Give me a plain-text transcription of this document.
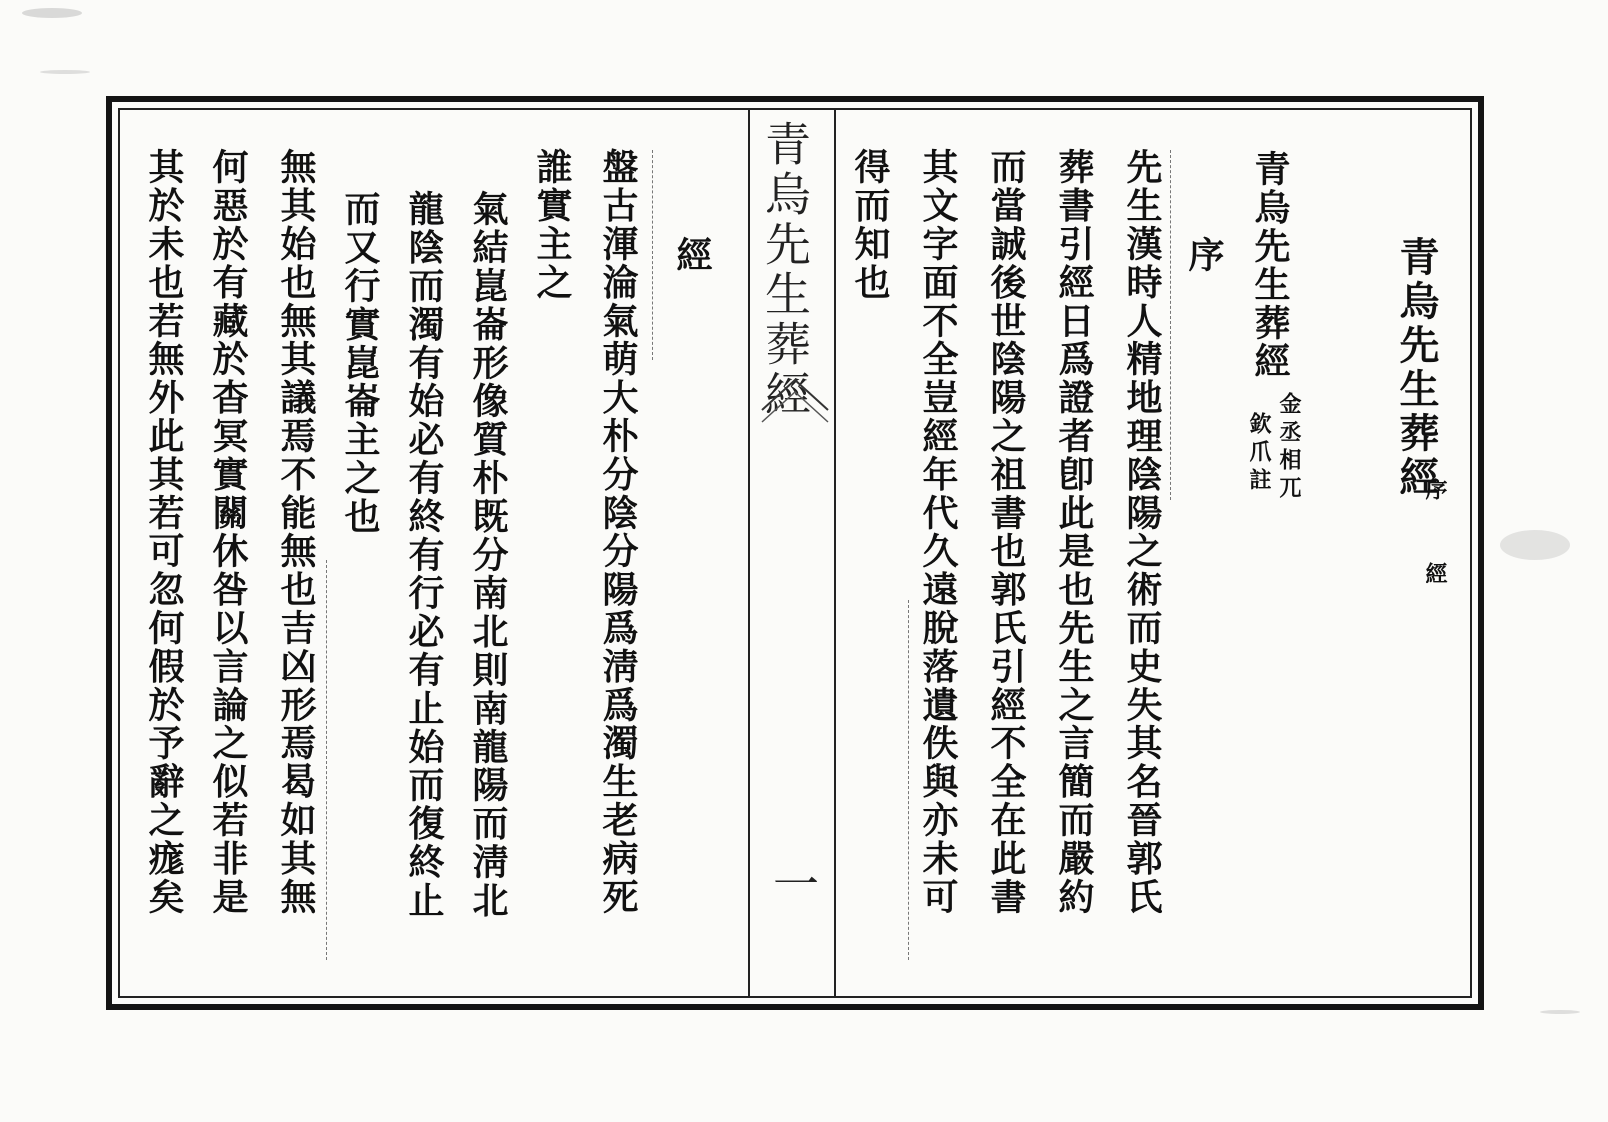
青烏先生葬經
一
青烏先生葬經
序　　經
青烏先生葬經
金丞相兀
欽爪註
序
先生漢時人精地理陰陽之術而史失其名晉郭氏
葬書引經日爲證者卽此是也先生之言簡而嚴約
而當誠後世陰陽之祖書也郭氏引經不全在此書
其文字面不全豈經年代久遠脫落遺佚與亦未可
得而知也
經
盤古渾淪氣萌大朴分陰分陽爲淸爲濁生老病死
誰實主之
氣結崑崙形像質朴既分南北則南龍陽而淸北
龍陰而濁有始必有終有行必有止始而復終止
而又行實崑崙主之也
無其始也無其議焉不能無也吉凶形焉曷如其無
何惡於有藏於杳冥實關休咎以言論之似若非是
其於未也若無外此其若可忽何假於予辭之痝矣
